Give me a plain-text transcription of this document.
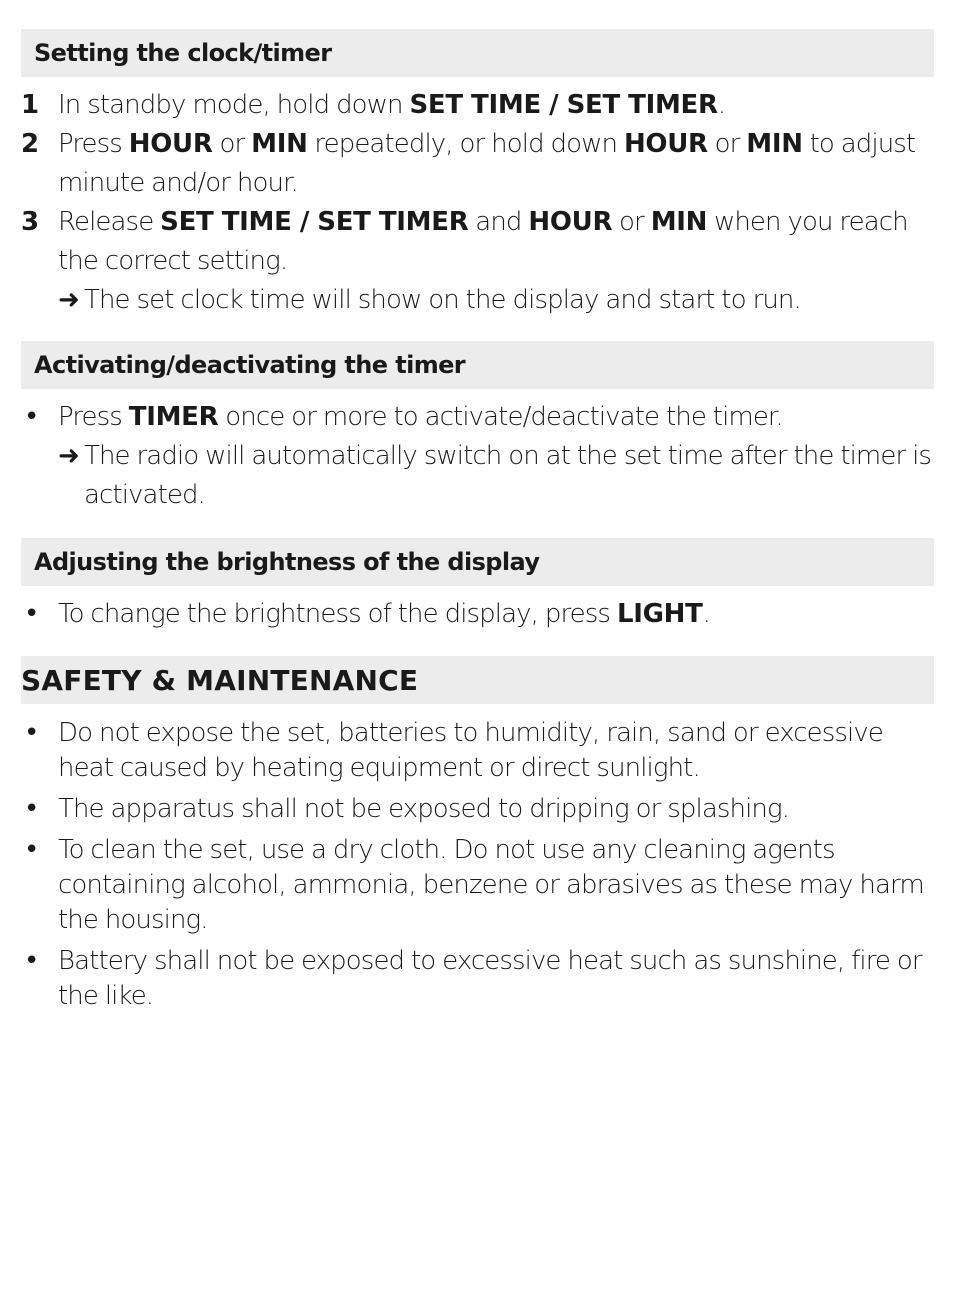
Setting the clock/timer
1 In standby mode, hold down SET TIME / SET TIMER.
2 Press HOUR or MIN repeatedly, or hold down HOUR or MIN to adjust minute and/or hour.
3 Release SET TIME / SET TIMER and HOUR or MIN when you reach the correct setting.
➜ The set clock time will show on the display and start to run.
Activating/deactivating the timer
• Press TIMER once or more to activate/deactivate the timer.
➜ The radio will automatically switch on at the set time after the timer is activated.
Adjusting the brightness of the display
• To change the brightness of the display, press LIGHT.
SAFETY & MAINTENANCE
• Do not expose the set, batteries to humidity, rain, sand or excessive heat caused by heating equipment or direct sunlight.
• The apparatus shall not be exposed to dripping or splashing.
• To clean the set, use a dry cloth. Do not use any cleaning agents containing alcohol, ammonia, benzene or abrasives as these may harm the housing.
• Battery shall not be exposed to excessive heat such as sunshine, fire or the like.
